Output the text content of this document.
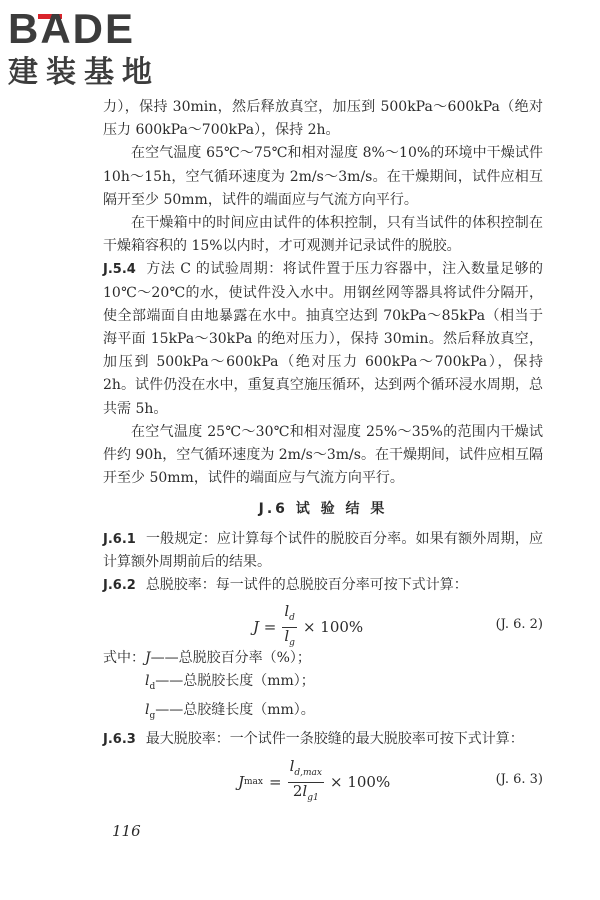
BADE
建装基地

力），保持 30min，然后释放真空，加压到 500kPa～600kPa（绝对压力 600kPa～700kPa），保持 2h。

在空气温度 65℃～75℃和相对湿度 8%～10%的环境中干燥试件 10h～15h，空气循环速度为 2m/s～3m/s。在干燥期间，试件应相互隔开至少 50mm，试件的端面应与气流方向平行。

在干燥箱中的时间应由试件的体积控制，只有当试件的体积控制在干燥箱容积的 15%以内时，才可观测并记录试件的脱胶。

J.5.4 方法 C 的试验周期：将试件置于压力容器中，注入数量足够的 10℃～20℃的水，使试件没入水中。用钢丝网等器具将试件分隔开，使全部端面自由地暴露在水中。抽真空达到 70kPa～85kPa（相当于海平面 15kPa～30kPa 的绝对压力），保持 30min。然后释放真空，加压到 500kPa～600kPa（绝对压力 600kPa～700kPa），保持 2h。试件仍没在水中，重复真空施压循环，达到两个循环浸水周期，总共需 5h。

在空气温度 25℃～30℃和相对湿度 25%～35%的范围内干燥试件约 90h，空气循环速度为 2m/s～3m/s。在干燥期间，试件应相互隔开至少 50mm，试件的端面应与气流方向平行。

J.6 试 验 结 果

J.6.1 一般规定：应计算每个试件的脱胶百分率。如果有额外周期，应计算额外周期前后的结果。

J.6.2 总脱胶率：每一试件的总脱胶百分率可按下式计算：

$J = \frac{l_d}{l_g} \times 100\%$	(J. 6. 2)

式中：J——总脱胶百分率（%）；

$l_d——$总脱胶长度（mm）；

$l_g——$总胶缝长度（mm）。

J.6.3 最大脱胶率：一个试件一条胶缝的最大脱胶率可按下式计算：

J $\max = \frac{l_{d,max}}{2l_{g1}} \times 100\%$	(J. 6. 3)
116
